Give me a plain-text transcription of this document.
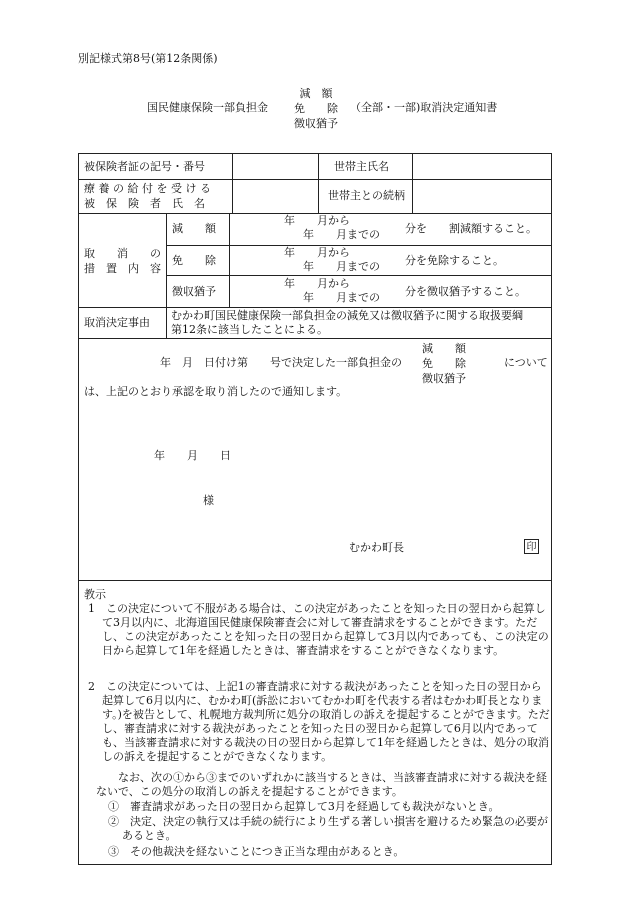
別記様式第8号(第12条関係)
国民健康保険一部負担金
減　額
免　　除
徴収猶予
（全部・一部)取消決定通知書
被保険者証の記号・番号	世帯主氏名
療 養 の 給 付 を 受 け る
被　保　険　者　氏　名
世帯主との続柄
取　　消　　の
措　置　内　容
減　　額
年　　月から
年　　月までの 分を　　割減額すること。
免　　除
年　　月から
年　　月までの 分を免除すること。
徴収猶予
年　　月から
年　　月までの 分を徴収猶予すること。
取消決定事由
むかわ町国民健康保険一部負担金の減免又は徴収猶予に関する取扱要綱
第12条に該当したことによる。
年　月　日付け第　　号で決定した一部負担金の
減　　額
免　　除
徴収猶予
について
は、上記のとおり承認を取り消したので通知します。
年　　月　　日
様
むかわ町長	印
教示
1　この決定について不服がある場合は、この決定があったことを知った日の翌日から起算して3月以内に、北海道国民健康保険審査会に対して審査請求をすることができます。ただし、この決定があったことを知った日の翌日から起算して3月以内であっても、この決定の日から起算して1年を経過したときは、審査請求をすることができなくなります。
2　この決定については、上記1の審査請求に対する裁決があったことを知った日の翌日から起算して6月以内に、むかわ町(訴訟においてむかわ町を代表する者はむかわ町長となります。)を被告として、札幌地方裁判所に処分の取消しの訴えを提起することができます。ただし、審査請求に対する裁決があったことを知った日の翌日から起算して6月以内であっても、当該審査請求に対する裁決の日の翌日から起算して1年を経過したときは、処分の取消しの訴えを提起することができなくなります。
なお、次の①から③までのいずれかに該当するときは、当該審査請求に対する裁決を経ないで、この処分の取消しの訴えを提起することができます。
①　審査請求があった日の翌日から起算して3月を経過しても裁決がないとき。
②　決定、決定の執行又は手続の続行により生ずる著しい損害を避けるため緊急の必要があるとき。
③　その他裁決を経ないことにつき正当な理由があるとき。
